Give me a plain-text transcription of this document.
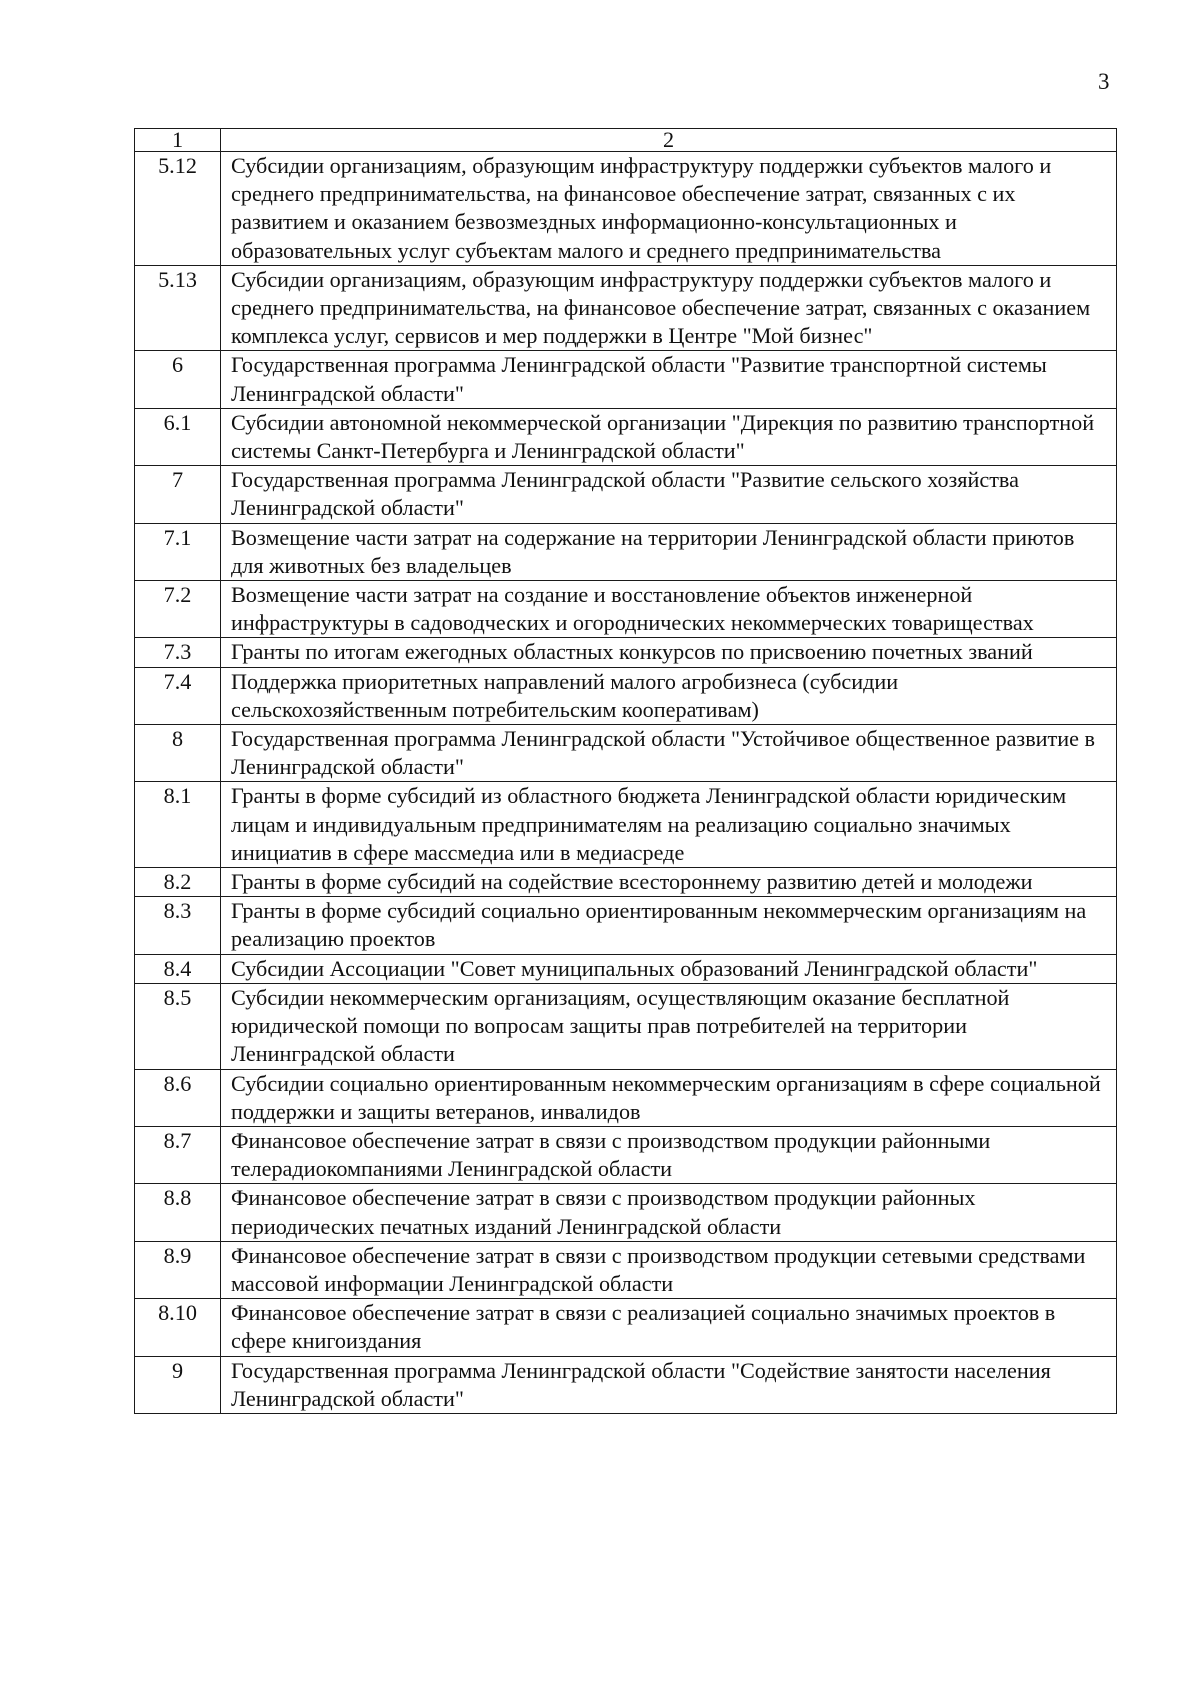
3
1	2
5.12	Субсидии организациям, образующим инфраструктуру поддержки субъектов малого и среднего предпринимательства, на финансовое обеспечение затрат, связанных с их развитием и оказанием безвозмездных информационно-консультационных и образовательных услуг субъектам малого и среднего предпринимательства
5.13	Субсидии организациям, образующим инфраструктуру поддержки субъектов малого и среднего предпринимательства, на финансовое обеспечение затрат, связанных с оказанием комплекса услуг, сервисов и мер поддержки в Центре "Мой бизнес"
6	Государственная программа Ленинградской области "Развитие транспортной системы Ленинградской области"
6.1	Субсидии автономной некоммерческой организации "Дирекция по развитию транспортной системы Санкт-Петербурга и Ленинградской области"
7	Государственная программа Ленинградской области "Развитие сельского хозяйства Ленинградской области"
7.1	Возмещение части затрат на содержание на территории Ленинградской области приютов для животных без владельцев
7.2	Возмещение части затрат на создание и восстановление объектов инженерной инфраструктуры в садоводческих и огороднических некоммерческих товариществах
7.3	Гранты по итогам ежегодных областных конкурсов по присвоению почетных званий
7.4	Поддержка приоритетных направлений малого агробизнеса (субсидии сельскохозяйственным потребительским кооперативам)
8	Государственная программа Ленинградской области "Устойчивое общественное развитие в Ленинградской области"
8.1	Гранты в форме субсидий из областного бюджета Ленинградской области юридическим лицам и индивидуальным предпринимателям на реализацию социально значимых инициатив в сфере массмедиа или в медиасреде
8.2	Гранты в форме субсидий на содействие всестороннему развитию детей и молодежи
8.3	Гранты в форме субсидий социально ориентированным некоммерческим организациям на реализацию проектов
8.4	Субсидии Ассоциации "Совет муниципальных образований Ленинградской области"
8.5	Субсидии некоммерческим организациям, осуществляющим оказание бесплатной юридической помощи по вопросам защиты прав потребителей на территории Ленинградской области
8.6	Субсидии социально ориентированным некоммерческим организациям в сфере социальной поддержки и защиты ветеранов, инвалидов
8.7	Финансовое обеспечение затрат в связи с производством продукции районными телерадиокомпаниями Ленинградской области
8.8	Финансовое обеспечение затрат в связи с производством продукции районных периодических печатных изданий Ленинградской области
8.9	Финансовое обеспечение затрат в связи с производством продукции сетевыми средствами массовой информации Ленинградской области
8.10	Финансовое обеспечение затрат в связи с реализацией социально значимых проектов в сфере книгоиздания
9	Государственная программа Ленинградской области "Содействие занятости населения Ленинградской области"
